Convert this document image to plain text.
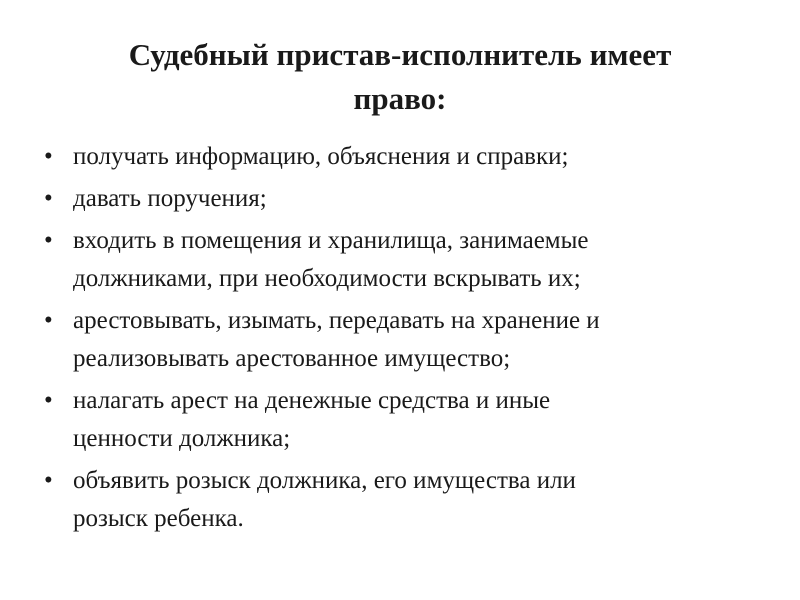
Судебный пристав-исполнитель имеет
право:
• получать информацию, объяснения и справки;
• давать поручения;
• входить в помещения и хранилища, занимаемые
должниками, при необходимости вскрывать их;
• арестовывать, изымать, передавать на хранение и
реализовывать арестованное имущество;
• налагать арест на денежные средства и иные
ценности должника;
• объявить розыск должника, его имущества или
розыск ребенка.
